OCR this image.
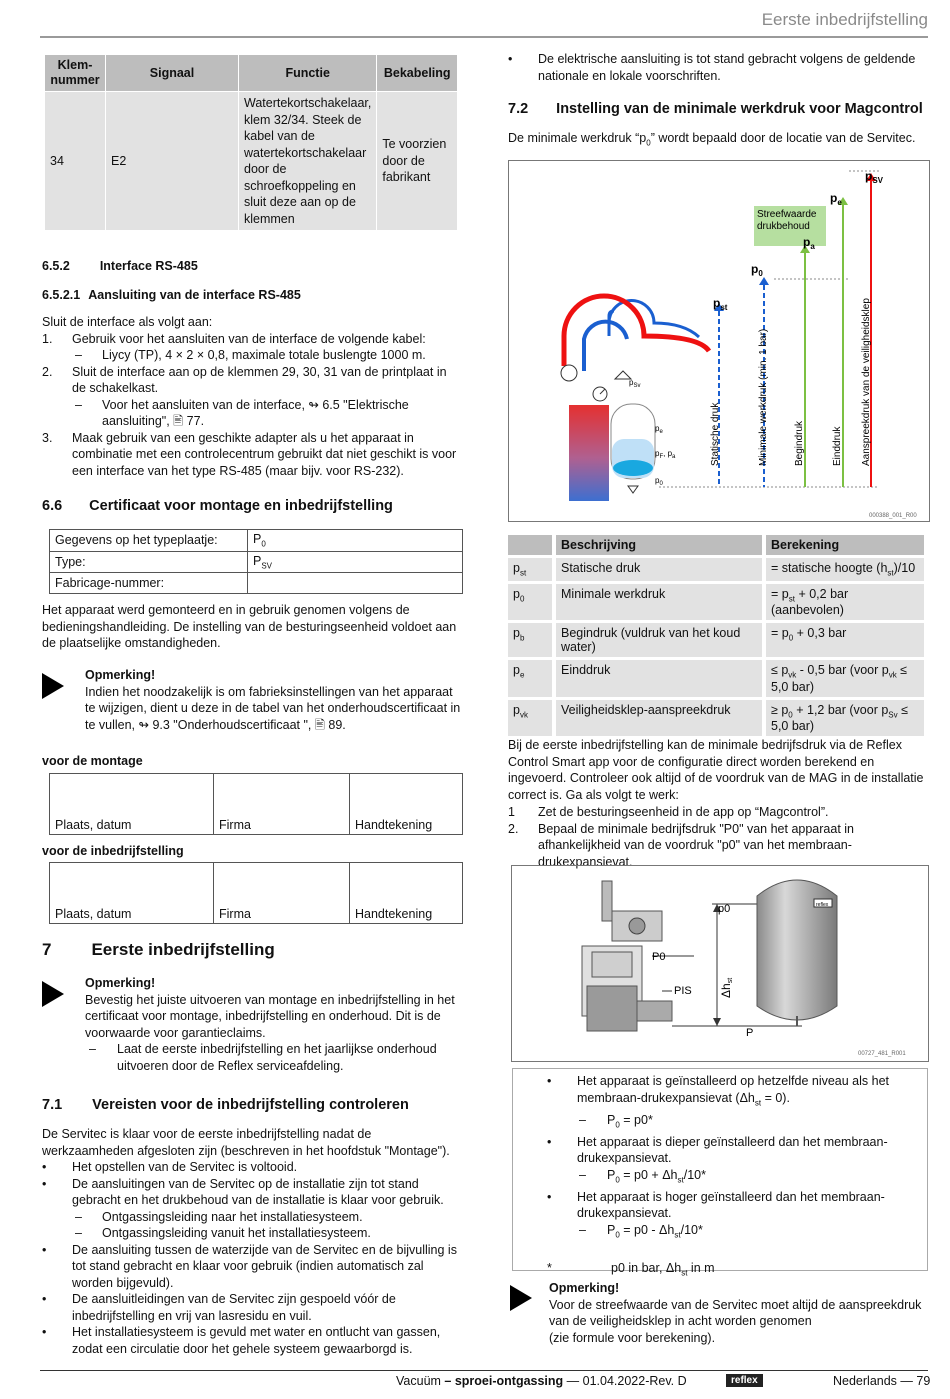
Eerste inbedrijfstelling
Klem-
nummer	Signaal	Functie	Bekabeling
34	E2	Watertekortschakelaar, klem 32/34. Steek de kabel van de watertekortschakelaar door de schroefkoppeling en sluit deze aan op de klemmen	Te voorzien door de fabrikant
6.5.2 Interface RS-485
6.5.2.1 Aansluiting van de interface RS-485
Sluit de interface als volgt aan:
1. Gebruik voor het aansluiten van de interface de volgende kabel:
– Liycy (TP), 4 × 2 × 0,8, maximale totale buslengte 1000 m.
2. Sluit de interface aan op de klemmen 29, 30, 31 van de printplaat in de schakelkast.
– Voor het aansluiten van de interface, ↬ 6.5 "Elektrische aansluiting", 🖹 77.
3. Maak gebruik van een geschikte adapter als u het apparaat in combinatie met een controlecentrum gebruikt dat niet geschikt is voor een interface van het type RS-485 (maar bijv. voor RS-232).
6.6 Certificaat voor montage en inbedrijfstelling
Gegevens op het typeplaatje:	$P_0$
Type:	$P_{SV}$
Fabricage-nummer:	
Het apparaat werd gemonteerd en in gebruik genomen volgens de bedieningshandleiding. De instelling van de besturingseenheid voldoet aan de plaatselijke omstandigheden.
Opmerking!
Indien het noodzakelijk is om fabrieksinstellingen van het apparaat te wijzigen, dient u deze in de tabel van het onderhoudscertificaat in te vullen, ↬ 9.3 "Onderhoudscertificaat ", 🖹 89.
voor de montage
Plaats, datum	Firma	Handtekening
voor de inbedrijfstelling
Plaats, datum	Firma	Handtekening
7 Eerste inbedrijfstelling
Opmerking!
Bevestig het juiste uitvoeren van montage en inbedrijfstelling in het certificaat voor montage, inbedrijfstelling en onderhoud. Dit is de voorwaarde voor garantieclaims.
– Laat de eerste inbedrijfstelling en het jaarlijkse onderhoud uitvoeren door de Reflex serviceafdeling.
7.1 Vereisten voor de inbedrijfstelling controleren
De Servitec is klaar voor de eerste inbedrijfstelling nadat de werkzaamheden afgesloten zijn (beschreven in het hoofdstuk "Montage").
• Het opstellen van de Servitec is voltooid.
• De aansluitingen van de Servitec op de installatie zijn tot stand gebracht en het drukbehoud van de installatie is klaar voor gebruik.
– Ontgassingsleiding naar het installatiesysteem.
– Ontgassingsleiding vanuit het installatiesysteem.
• De aansluiting tussen de waterzijde van de Servitec en de bijvulling is tot stand gebracht en klaar voor gebruik (indien automatisch zal worden bijgevuld).
• De aansluitleidingen van de Servitec zijn gespoeld vóór de inbedrijfstelling en vrij van lasresidu en vuil.
• Het installatiesysteem is gevuld met water en ontlucht van gassen, zodat een circulatie door het gehele systeem gewaarborgd is.
• De elektrische aansluiting is tot stand gebracht volgens de geldende nationale en lokale voorschriften.
7.2 Instelling van de minimale werkdruk voor Magcontrol
De minimale werkdruk “$p_0$” wordt bepaald door de locatie van de Servitec.
$p_{Sv}$
$p_e$
$p_F$, $p_a$
$p_0$
Streefwaarde
drukbehoud
$p_{SV}$
$p_e$
$p_a$
$p_0$
$p_{st}$
Statische druk	Minimale werkdruk (min. 1 bar)	Begindruk	Einddruk Aanspreekdruk van de veiligheidsklep
000388_001_R00
	Beschrijving	Berekening
$p_{st}$	Statische druk	= statische hoogte $(h_{st})/10$
$p_0$	Minimale werkdruk	= $p_{st} + 0,2$ bar (aanbevolen)
$p_b$	Begindruk (vuldruk van het koud water)	= $p_0 + 0,3$ bar
$p_e$	Einddruk	≤ $p_{vk} - 0,5$ bar (voor $p_{vk} \le 5,0$ bar)
$p_{vk}$	Veiligheidsklep-aanspreekdruk	≥ $p_0 + 1,2$ bar (voor $p_{Sv} \le 5,0$ bar)
Bij de eerste inbedrijfstelling kan de minimale bedrijfsdruk via de Reflex Control Smart app voor de configuratie direct worden berekend en ingevoerd. Controleer ook altijd of de voordruk van de MAG in de installatie correct is. Ga als volgt te werk:
1 Zet de besturingseenheid in de app op “Magcontrol”.
2. Bepaal de minimale bedrijfsdruk "P0" van het apparaat in afhankelijkheid van de voordruk "p0" van het membraan-drukexpansievat.
P0
PIS
P
Δhst
p0	reflex
00727_481_R001
• Het apparaat is geïnstalleerd op hetzelfde niveau als het membraan-drukexpansievat $(\Delta h_{st} = 0)$.
– $P_0 = p0*$
• Het apparaat is dieper geïnstalleerd dan het membraan-drukexpansievat.
– $P_0 = p0 + \Delta h_{st}/10*$
• Het apparaat is hoger geïnstalleerd dan het membraan-drukexpansievat.
– $P_0 = p0 - \Delta h_{st}/10*$
*	p0 in bar, $\Delta h_{st}$ in m
Opmerking!
Voor de streefwaarde van de Servitec moet altijd de aanspreekdruk van de veiligheidsklep in acht worden genomen
(zie formule voor berekening).
Vacuüm – sproei-ontgassing — 01.04.2022-Rev. D	reflex	Nederlands — 79
